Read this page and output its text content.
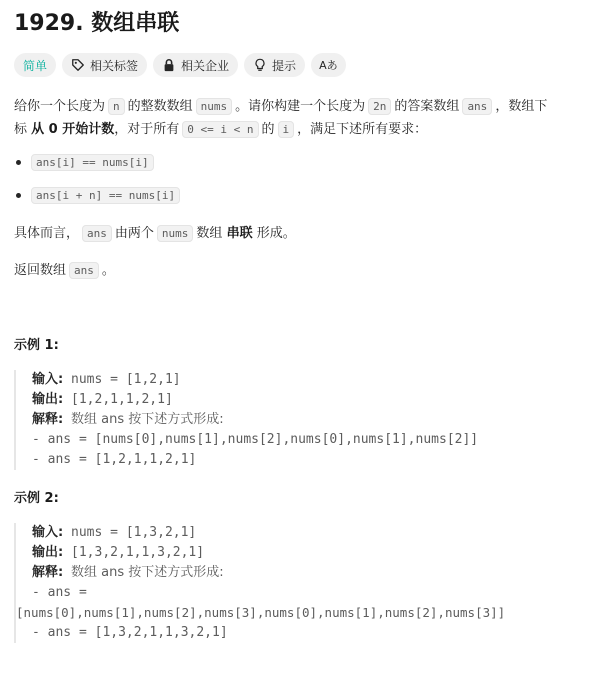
1929. 数组串联
简单	相关标签	相关企业	提示 Aあ
给你一个长度为 n 的整数数组 nums 。请你构建一个长度为 2n 的答案数组 ans ，数组下
标 从 0 开始计数，对于所有 0 <= i < n 的 i ，满足下述所有要求：
ans[i] == nums[i]
ans[i + n] == nums[i]
具体而言， ans 由两个 nums 数组 串联 形成。
返回数组 ans 。
示例 1:
输入: nums = [1,2,1]
输出: [1,2,1,1,2,1]
解释: 数组 ans 按下述方式形成:
- ans = [nums[0],nums[1],nums[2],nums[0],nums[1],nums[2]]
- ans = [1,2,1,1,2,1]
示例 2:
输入: nums = [1,3,2,1]
输出: [1,3,2,1,1,3,2,1]
解释: 数组 ans 按下述方式形成:
- ans =
[nums[0],nums[1],nums[2],nums[3],nums[0],nums[1],nums[2],nums[3]]
- ans = [1,3,2,1,1,3,2,1]
